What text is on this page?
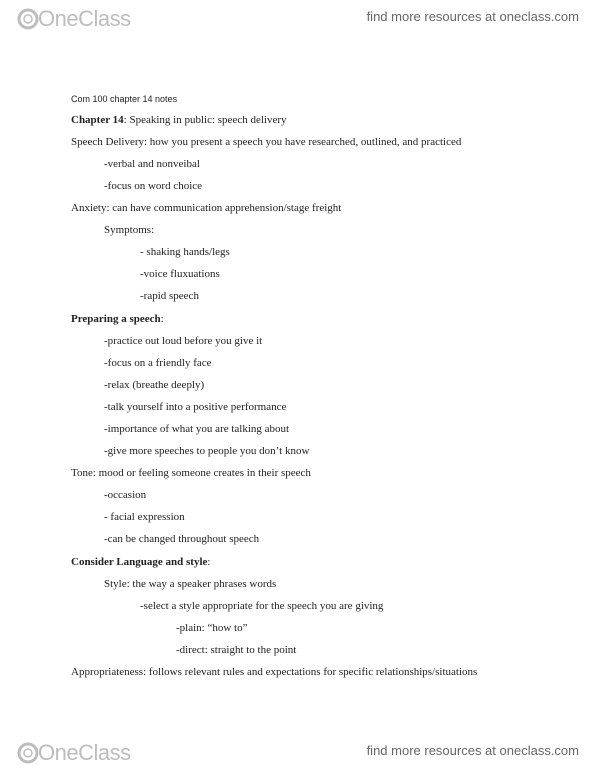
OneClass	find more resources at oneclass.com
Com 100 chapter 14 notes
Chapter 14: Speaking in public: speech delivery
Speech Delivery: how you present a speech you have researched, outlined, and practiced
-verbal and nonveibal
-focus on word choice
Anxiety: can have communication apprehension/stage freight
Symptoms:
- shaking hands/legs
-voice fluxuations
-rapid speech
Preparing a speech:
-practice out loud before you give it
-focus on a friendly face
-relax (breathe deeply)
-talk yourself into a positive performance
-importance of what you are talking about
-give more speeches to people you don’t know
Tone: mood or feeling someone creates in their speech
-occasion
- facial expression
-can be changed throughout speech
Consider Language and style:
Style: the way a speaker phrases words
-select a style appropriate for the speech you are giving
-plain: “how to”
-direct: straight to the point
Appropriateness: follows relevant rules and expectations for specific relationships/situations
OneClass	find more resources at oneclass.com
